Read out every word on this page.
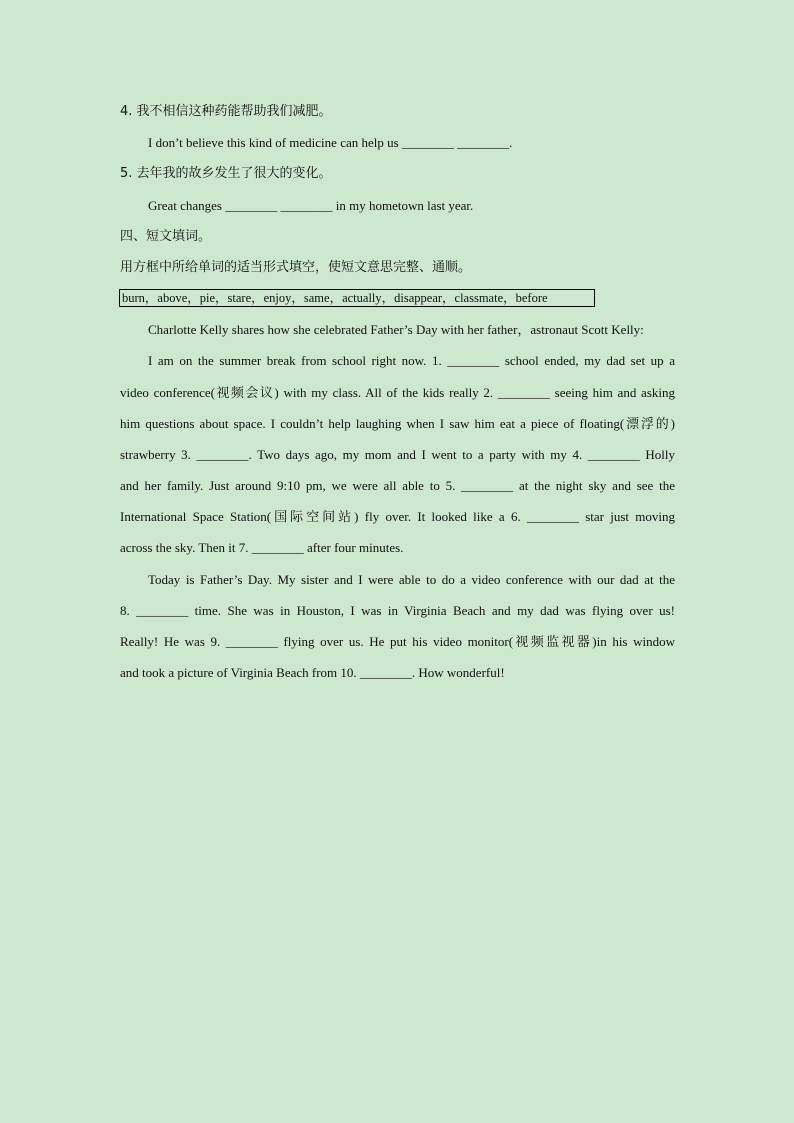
4. 我不相信这种药能帮助我们减肥。
I don’t believe this kind of medicine can help us ________ ________.
5. 去年我的故乡发生了很大的变化。
Great changes ________ ________ in my hometown last year.
四、短文填词。
用方框中所给单词的适当形式填空，使短文意思完整、通顺。
burn，above，pie，stare，enjoy，same，actually，disappear，classmate，before
Charlotte Kelly shares how she celebrated Father’s Day with her father，astronaut Scott Kelly:
I am on the summer break from school right now. 1. ________ school ended, my dad set up a
video conference(视频会议) with my class. All of the kids really 2. ________ seeing him and asking
him questions about space. I couldn’t help laughing when I saw him eat a piece of floating(漂浮的)
strawberry 3. ________. Two days ago, my mom and I went to a party with my 4. ________ Holly
and her family. Just around 9:10 pm, we were all able to 5. ________ at the night sky and see the
International Space Station(国际空间站) fly over. It looked like a 6. ________ star just moving
across the sky. Then it 7. ________ after four minutes.
Today is Father’s Day. My sister and I were able to do a video conference with our dad at the
8. ________ time. She was in Houston, I was in Virginia Beach and my dad was flying over us!
Really! He was 9. ________ flying over us. He put his video monitor(视频监视器)in his window
and took a picture of Virginia Beach from 10. ________. How wonderful!
